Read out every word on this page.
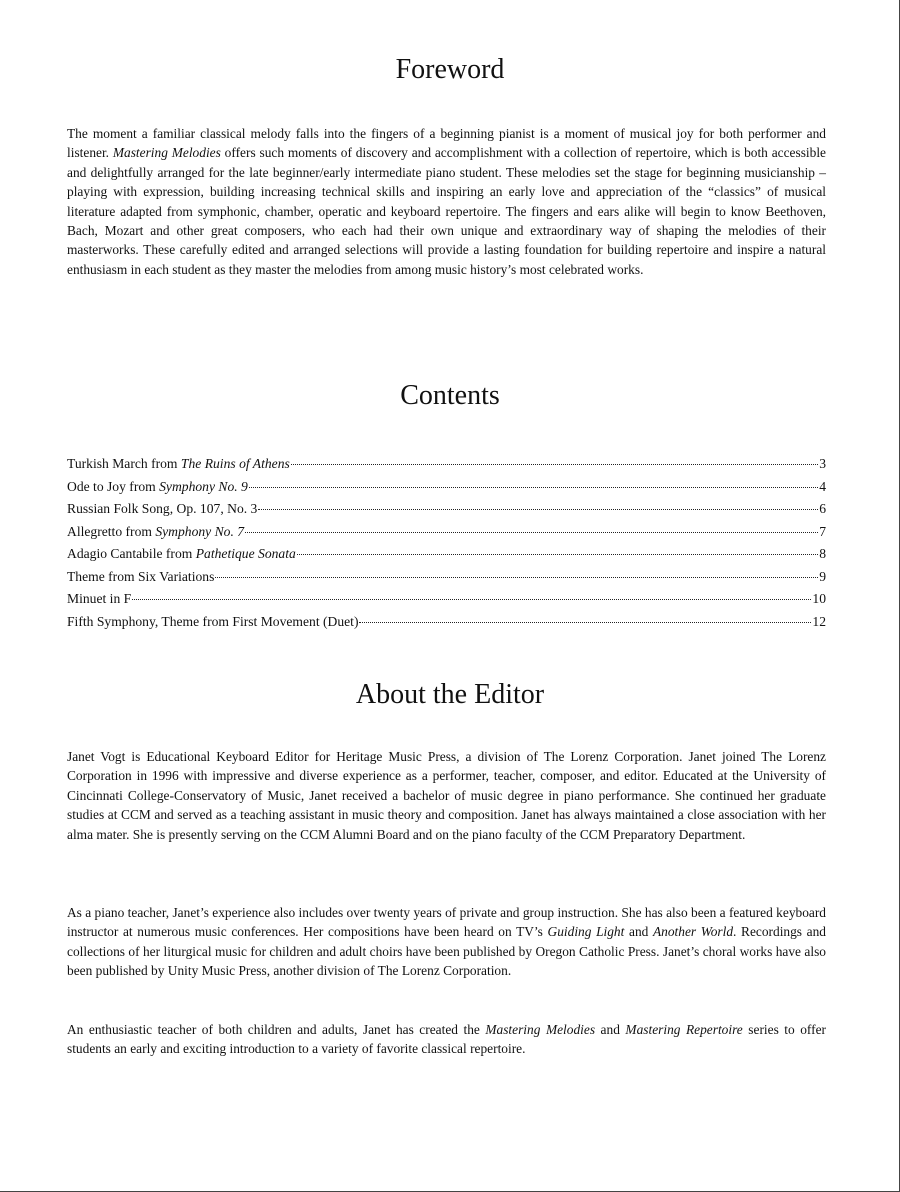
Foreword

The moment a familiar classical melody falls into the fingers of a beginning pianist is a moment of musical joy for both performer and listener. Mastering Melodies offers such moments of discovery and accomplishment with a collection of repertoire, which is both accessible and delightfully arranged for the late beginner/early intermediate piano student. These melodies set the stage for beginning musicianship – playing with expression, building increasing technical skills and inspiring an early love and appreciation of the “classics” of musical literature adapted from symphonic, chamber, operatic and keyboard repertoire. The fingers and ears alike will begin to know Beethoven, Bach, Mozart and other great composers, who each had their own unique and extraordinary way of shaping the melodies of their masterworks. These carefully edited and arranged selections will provide a lasting foundation for building repertoire and inspire a natural enthusiasm in each student as they master the melodies from among music history’s most celebrated works.

Contents
Turkish March from The Ruins of Athens	3
Ode to Joy from Symphony No. 9	4
Russian Folk Song, Op. 107, No. 3	6
Allegretto from Symphony No. 7	7
Adagio Cantabile from Pathetique Sonata	8
Theme from Six Variations	9
Minuet in F	10
Fifth Symphony, Theme from First Movement (Duet)	12
About the Editor

Janet Vogt is Educational Keyboard Editor for Heritage Music Press, a division of The Lorenz Corporation. Janet joined The Lorenz Corporation in 1996 with impressive and diverse experience as a performer, teacher, composer, and editor. Educated at the University of Cincinnati College-Conservatory of Music, Janet received a bachelor of music degree in piano performance. She continued her graduate studies at CCM and served as a teaching assistant in music theory and composition. Janet has always maintained a close association with her alma mater. She is presently serving on the CCM Alumni Board and on the piano faculty of the CCM Preparatory Department.

As a piano teacher, Janet’s experience also includes over twenty years of private and group instruction. She has also been a featured keyboard instructor at numerous music conferences. Her compositions have been heard on TV’s Guiding Light and Another World. Recordings and collections of her liturgical music for children and adult choirs have been published by Oregon Catholic Press. Janet’s choral works have also been published by Unity Music Press, another division of The Lorenz Corporation.

An enthusiastic teacher of both children and adults, Janet has created the Mastering Melodies and Mastering Repertoire series to offer students an early and exciting introduction to a variety of favorite classical repertoire.
